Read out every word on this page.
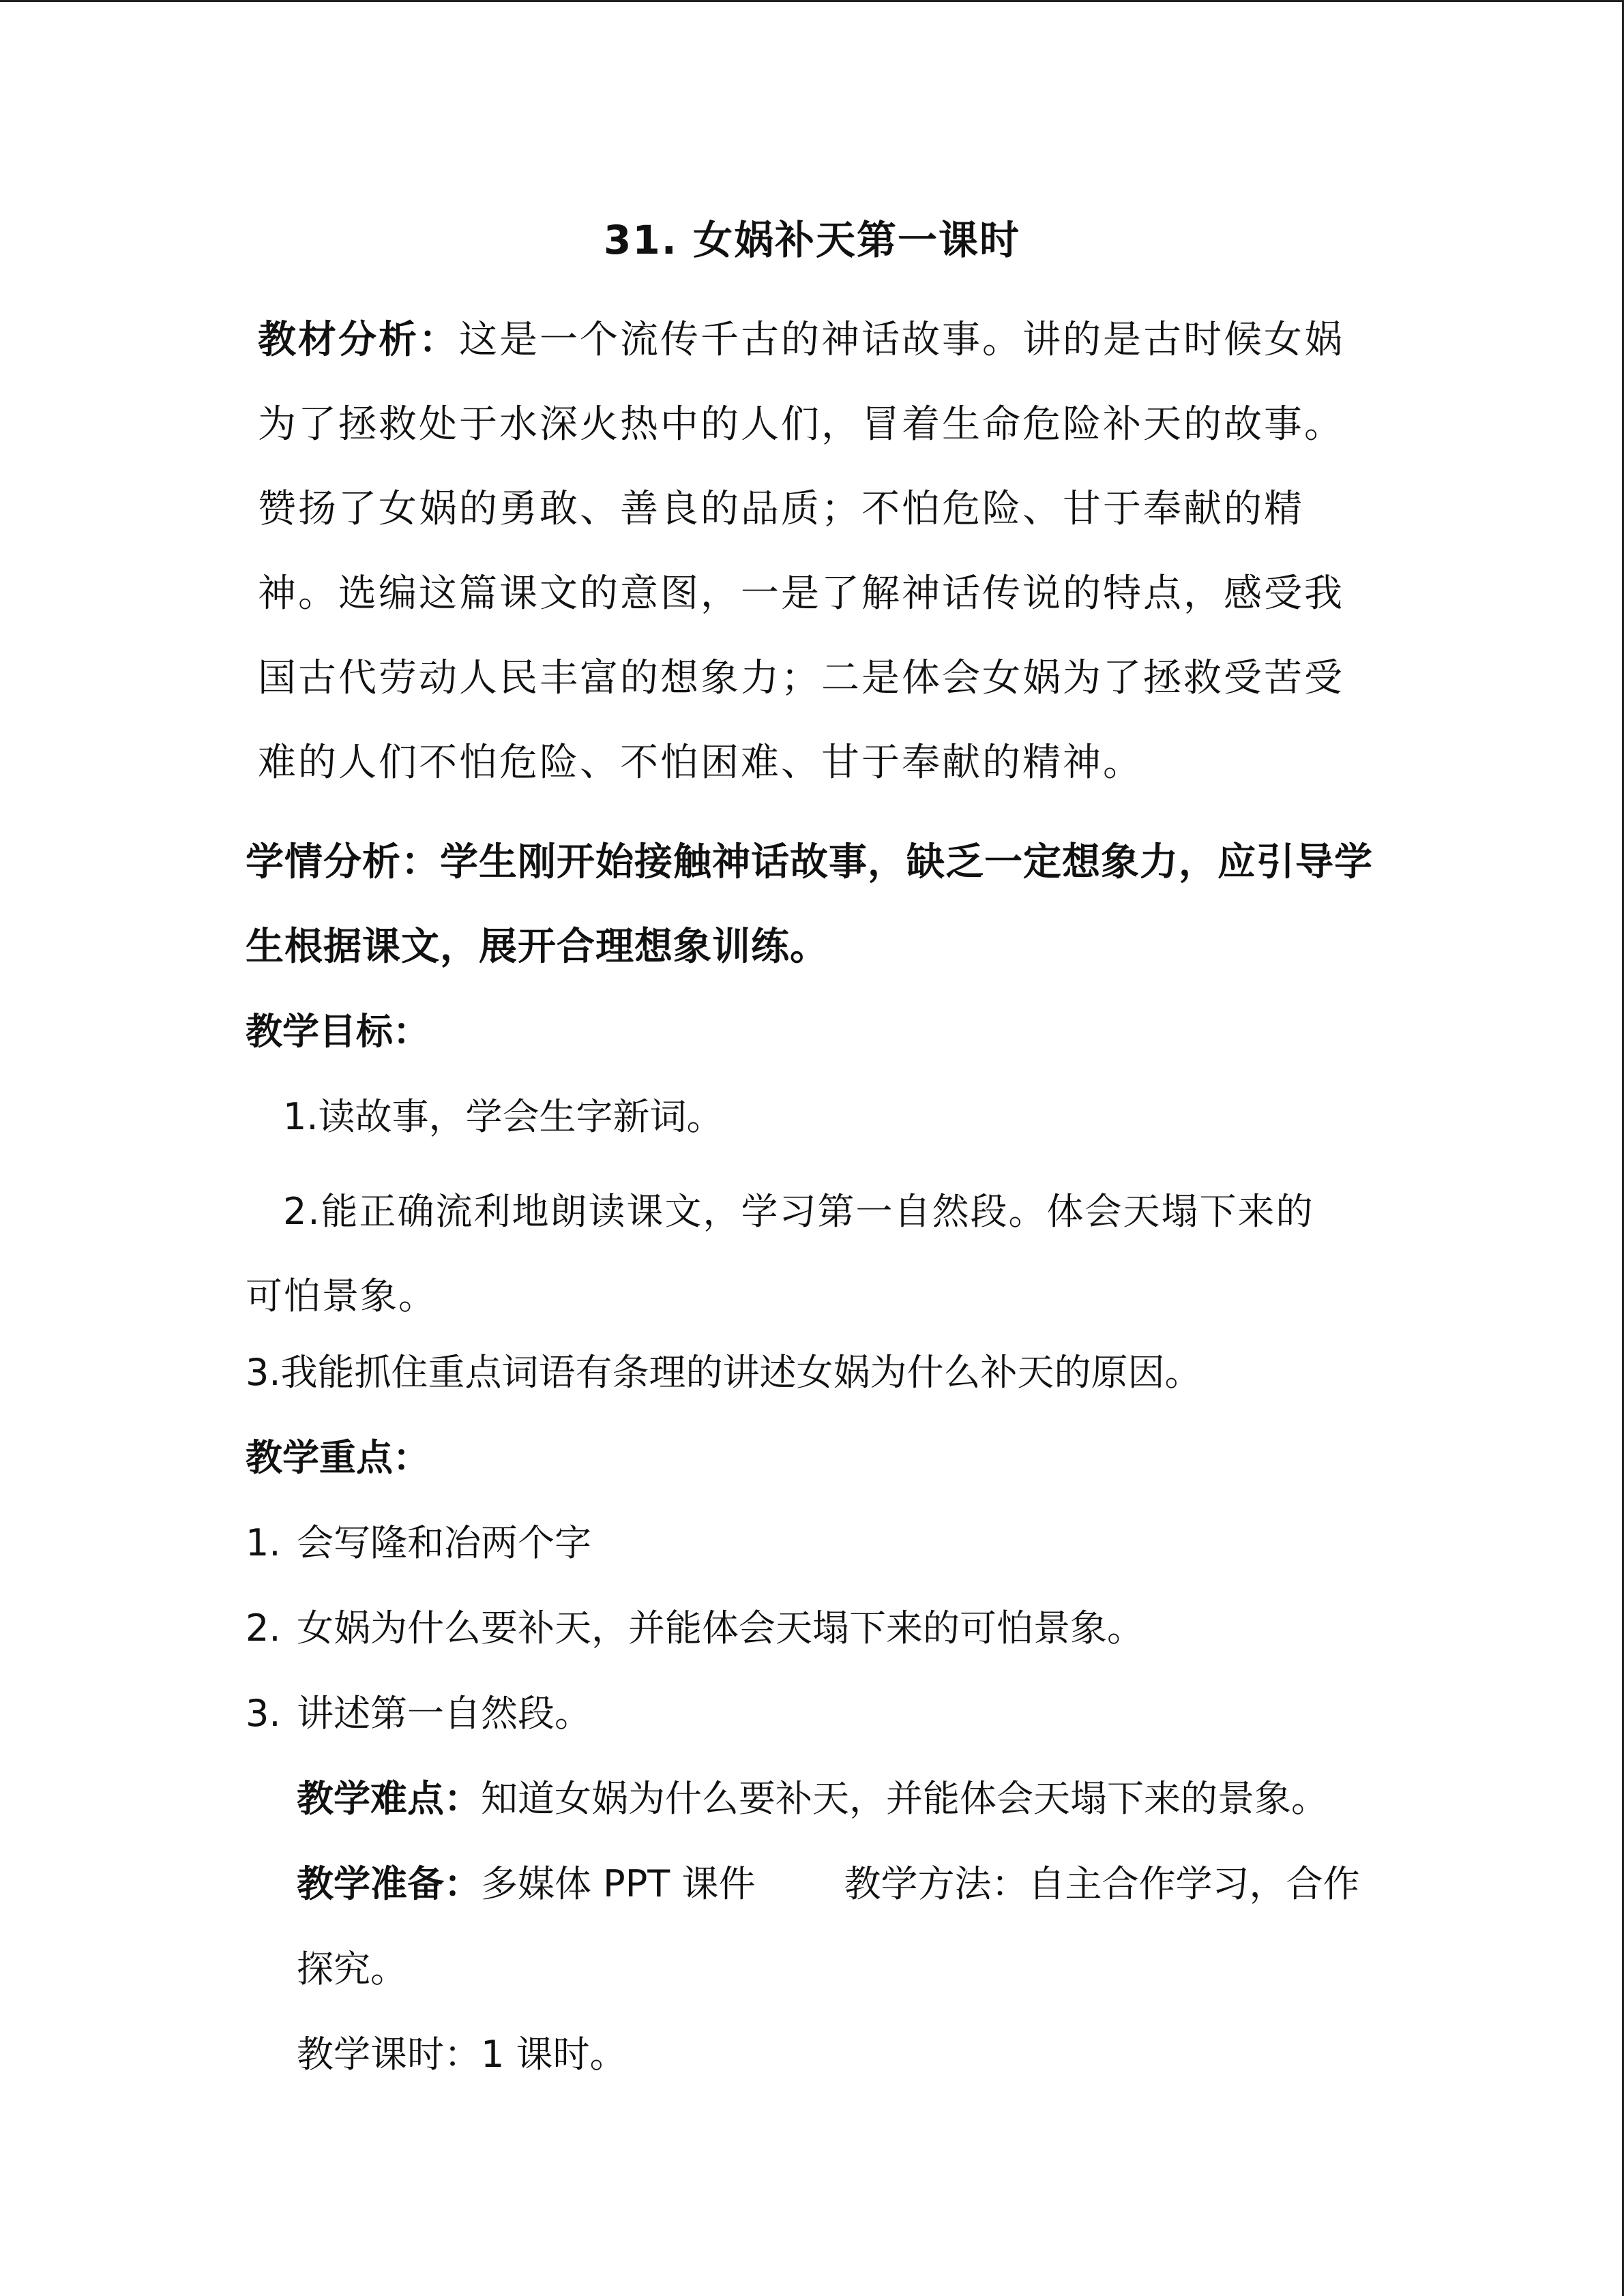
31. 女娲补天第一课时

教材分析：这是一个流传千古的神话故事。讲的是古时候女娲为了拯救处于水深火热中的人们，冒着生命危险补天的故事。赞扬了女娲的勇敢、善良的品质；不怕危险、甘于奉献的精神。选编这篇课文的意图，一是了解神话传说的特点，感受我国古代劳动人民丰富的想象力；二是体会女娲为了拯救受苦受难的人们不怕危险、不怕困难、甘于奉献的精神。

学情分析：学生刚开始接触神话故事，缺乏一定想象力，应引导学生根据课文，展开合理想象训练。

教学目标：
1.读故事，学会生字新词。
2.能正确流利地朗读课文，学习第一自然段。体会天塌下来的可怕景象。
3.我能抓住重点词语有条理的讲述女娲为什么补天的原因。
教学重点：
1. 会写隆和冶两个字
2. 女娲为什么要补天，并能体会天塌下来的可怕景象。
3. 讲述第一自然段。
教学难点：知道女娲为什么要补天，并能体会天塌下来的景象。
教学准备：多媒体 PPT 课件 教学方法：自主合作学习，合作
探究。
教学课时：1 课时。
